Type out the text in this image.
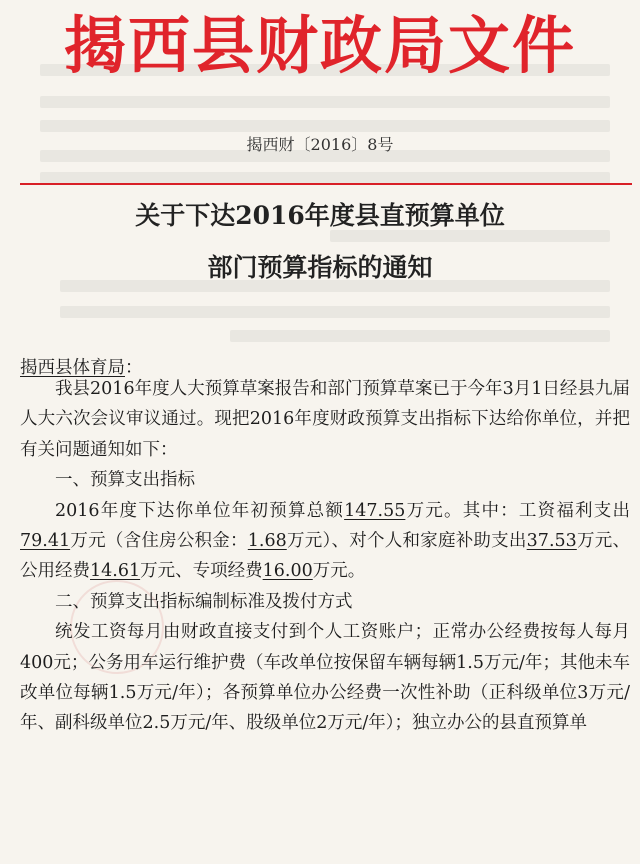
揭西县财政局文件
揭西财〔2016〕8号
关于下达2016年度县直预算单位
部门预算指标的通知
揭西县体育局：

我县2016年度人大预算草案报告和部门预算草案已于今年3月1日经县九届人大六次会议审议通过。现把2016年度财政预算支出指标下达给你单位，并把有关问题通知如下：

一、预算支出指标

2016年度下达你单位年初预算总额147.55万元。其中：工资福利支出79.41万元（含住房公积金：1.68万元）、对个人和家庭补助支出37.53万元、公用经费14.61万元、专项经费16.00万元。

二、预算支出指标编制标准及拨付方式

统发工资每月由财政直接支付到个人工资账户；正常办公经费按每人每月400元；公务用车运行维护费（车改单位按保留车辆每辆1.5万元/年；其他未车改单位每辆1.5万元/年）；各预算单位办公经费一次性补助（正科级单位3万元/年、副科级单位2.5万元/年、股级单位2万元/年）；独立办公的县直预算单
